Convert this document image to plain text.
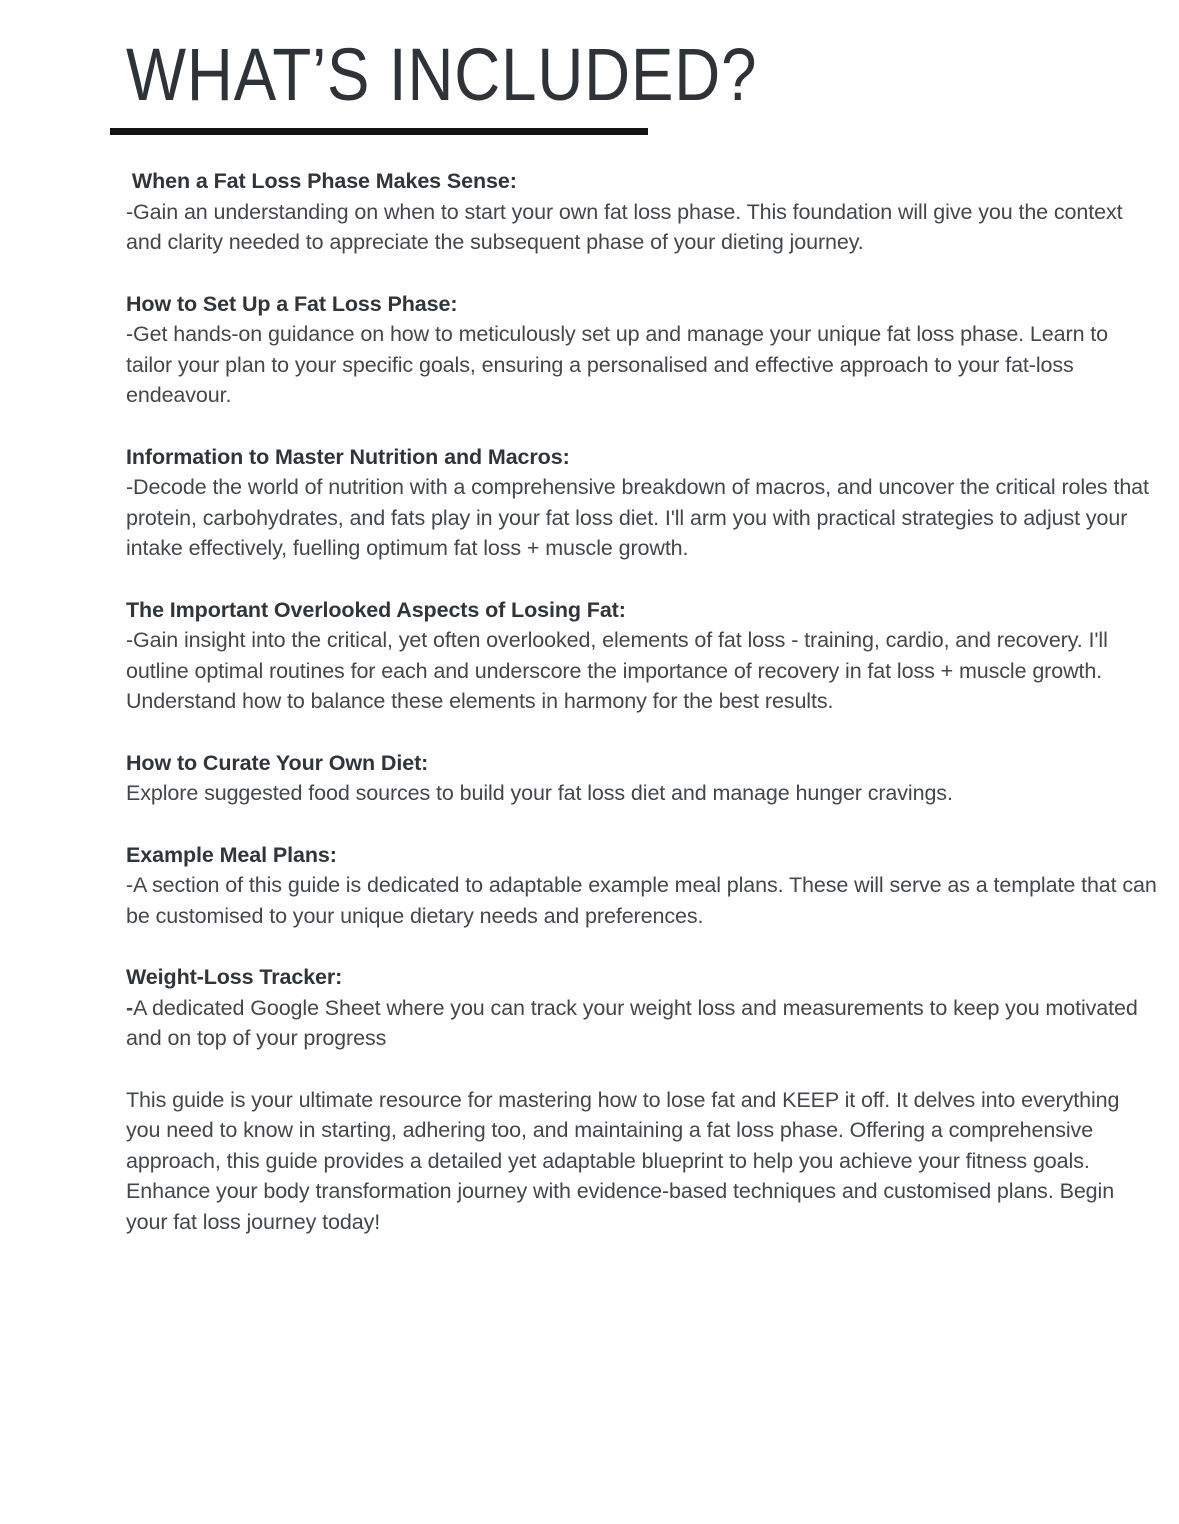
WHAT’S INCLUDED?

When a Fat Loss Phase Makes Sense:

-Gain an understanding on when to start your own fat loss phase. This foundation will give you the context and clarity needed to appreciate the subsequent phase of your dieting journey.

How to Set Up a Fat Loss Phase:

-Get hands-on guidance on how to meticulously set up and manage your unique fat loss phase. Learn to tailor your plan to your specific goals, ensuring a personalised and effective approach to your fat-loss endeavour.

Information to Master Nutrition and Macros:

-Decode the world of nutrition with a comprehensive breakdown of macros, and uncover the critical roles that protein, carbohydrates, and fats play in your fat loss diet. I'll arm you with practical strategies to adjust your intake effectively, fuelling optimum fat loss + muscle growth.

The Important Overlooked Aspects of Losing Fat:

-Gain insight into the critical, yet often overlooked, elements of fat loss - training, cardio, and recovery. I'll outline optimal routines for each and underscore the importance of recovery in fat loss + muscle growth. Understand how to balance these elements in harmony for the best results.

How to Curate Your Own Diet:

Explore suggested food sources to build your fat loss diet and manage hunger cravings.

Example Meal Plans:

-A section of this guide is dedicated to adaptable example meal plans. These will serve as a template that can be customised to your unique dietary needs and preferences.

Weight-Loss Tracker:

-A dedicated Google Sheet where you can track your weight loss and measurements to keep you motivated and on top of your progress

This guide is your ultimate resource for mastering how to lose fat and KEEP it off. It delves into everything you need to know in starting, adhering too, and maintaining a fat loss phase. Offering a comprehensive approach, this guide provides a detailed yet adaptable blueprint to help you achieve your fitness goals. Enhance your body transformation journey with evidence-based techniques and customised plans. Begin your fat loss journey today!
